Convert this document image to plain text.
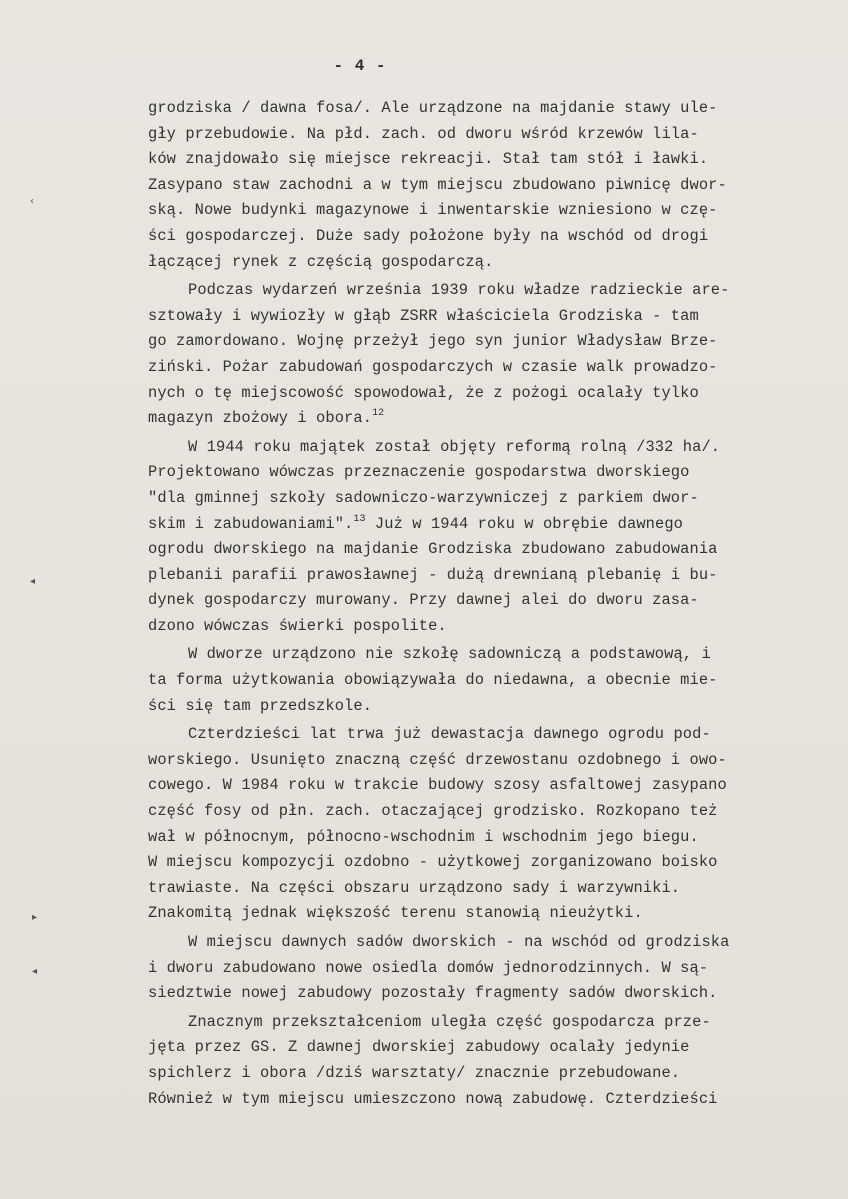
- 4 -
grodziska / dawna fosa/. Ale urządzone na majdanie stawy ule-
gły przebudowie. Na płd. zach. od dworu wśród krzewów lila-
ków znajdowało się miejsce rekreacji. Stał tam stół i ławki.
Zasypano staw zachodni a w tym miejscu zbudowano piwnicę dwor-
ską. Nowe budynki magazynowe i inwentarskie wzniesiono w czę-
ści gospodarczej. Duże sady położone były na wschód od drogi
łączącej rynek z częścią gospodarczą.
Podczas wydarzeń września 1939 roku władze radzieckie are-
sztowały i wywiozły w głąb ZSRR właściciela Grodziska - tam
go zamordowano. Wojnę przeżył jego syn junior Władysław Brze-
ziński. Pożar zabudowań gospodarczych w czasie walk prowadzo-
nych o tę miejscowość spowodował, że z pożogi ocalały tylko
magazyn zbożowy i obora.$^{12}$
W 1944 roku majątek został objęty reformą rolną /332 ha/.
Projektowano wówczas przeznaczenie gospodarstwa dworskiego
"dla gminnej szkoły sadowniczo-warzywniczej z parkiem dwor-
skim i zabudowaniami".$^{13}$ Już w 1944 roku w obrębie dawnego
ogrodu dworskiego na majdanie Grodziska zbudowano zabudowania
plebanii parafii prawosławnej - dużą drewnianą plebanię i bu-
dynek gospodarczy murowany. Przy dawnej alei do dworu zasa-
dzono wówczas świerki pospolite.
W dworze urządzono nie szkołę sadowniczą a podstawową, i
ta forma użytkowania obowiązywała do niedawna, a obecnie mie-
ści się tam przedszkole.
Czterdzieści lat trwa już dewastacja dawnego ogrodu pod-
worskiego. Usunięto znaczną część drzewostanu ozdobnego i owo-
cowego. W 1984 roku w trakcie budowy szosy asfaltowej zasypano
część fosy od płn. zach. otaczającej grodzisko. Rozkopano też
wał w północnym, północno-wschodnim i wschodnim jego biegu.
W miejscu kompozycji ozdobno - użytkowej zorganizowano boisko
trawiaste. Na części obszaru urządzono sady i warzywniki.
Znakomitą jednak większość terenu stanowią nieużytki.
W miejscu dawnych sadów dworskich - na wschód od grodziska
i dworu zabudowano nowe osiedla domów jednorodzinnych. W są-
siedztwie nowej zabudowy pozostały fragmenty sadów dworskich.
Znacznym przekształceniom uległa część gospodarcza prze-
jęta przez GS. Z dawnej dworskiej zabudowy ocalały jedynie
spichlerz i obora /dziś warsztaty/ znacznie przebudowane.
Również w tym miejscu umieszczono nową zabudowę. Czterdzieści
‹
◂
▸
◂
